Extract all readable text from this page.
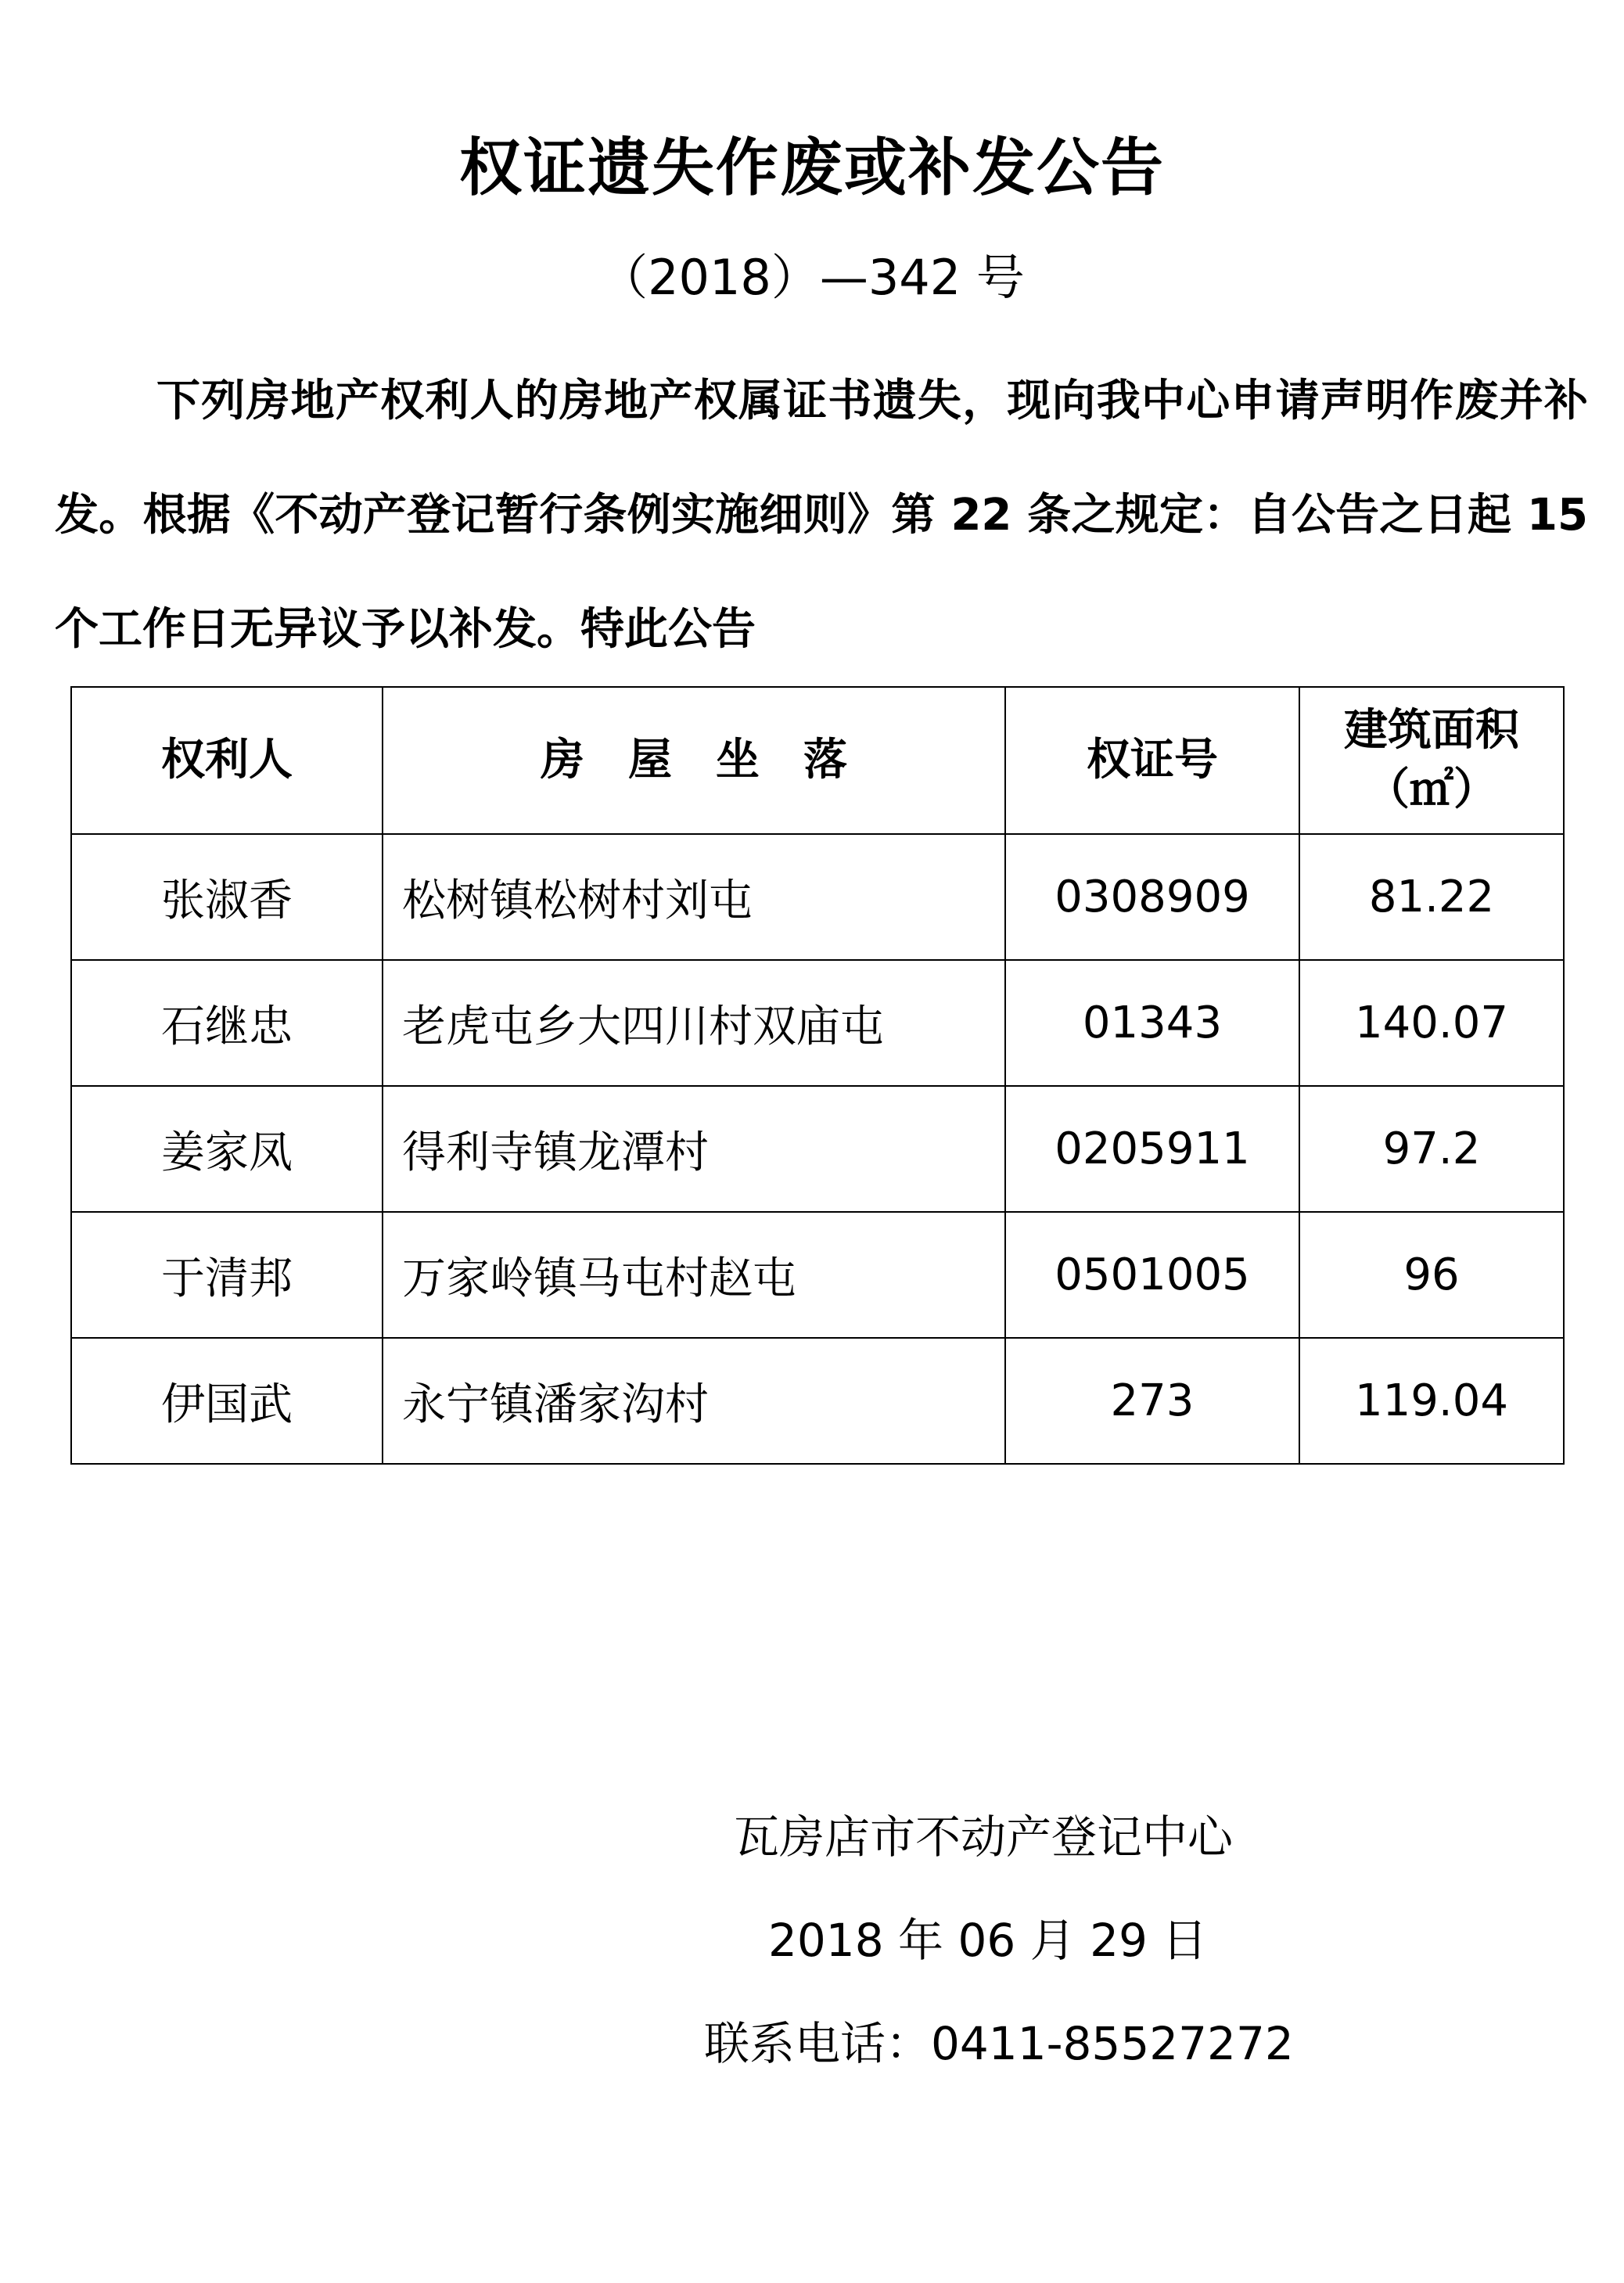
权证遗失作废或补发公告
（2018）—342 号

下列房地产权利人的房地产权属证书遗失，现向我中心申请声明作废并补发。根据《不动产登记暂行条例实施细则》第 22 条之规定：自公告之日起 15 个工作日无异议予以补发。特此公告

权利人	房　屋　坐　落	权证号	建筑面积
（㎡）

张淑香	松树镇松树村刘屯	0308909	81.22
石继忠	老虎屯乡大四川村双庙屯	01343	140.07
姜家凤	得利寺镇龙潭村	0205911	97.2
于清邦	万家岭镇马屯村赵屯	0501005	96
伊国武	永宁镇潘家沟村	273	119.04
瓦房店市不动产登记中心
2018 年 06 月 29 日
联系电话：0411-85527272
